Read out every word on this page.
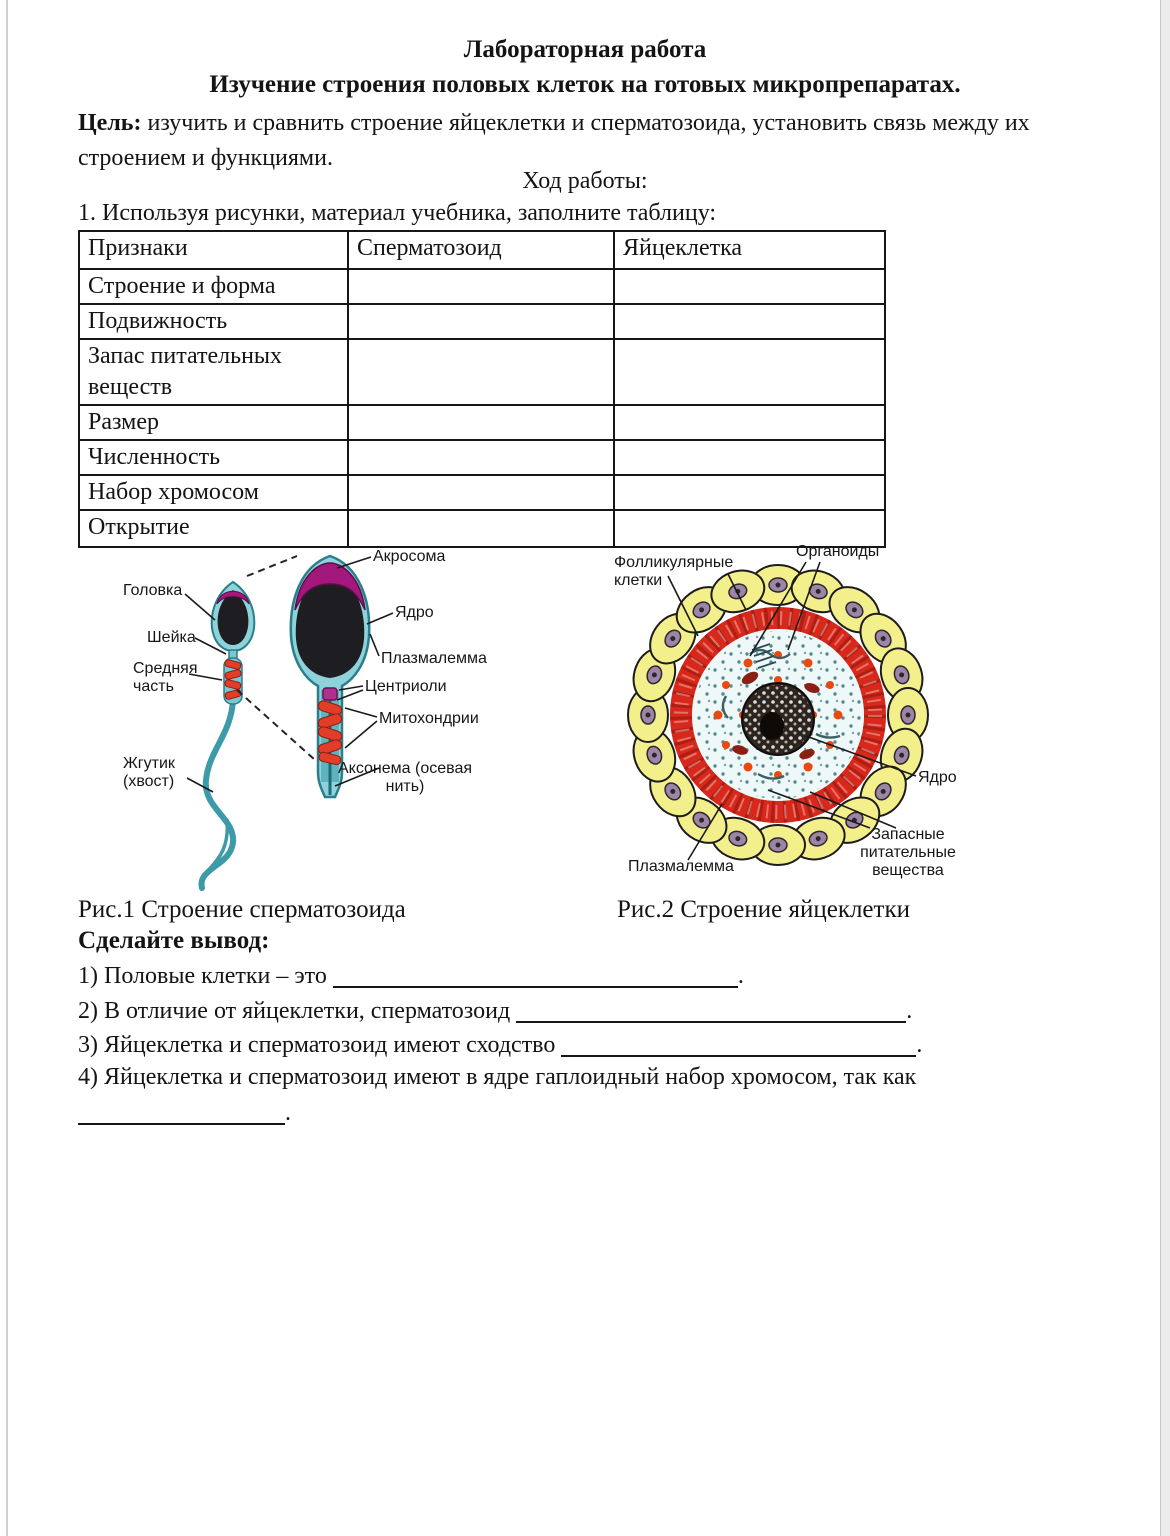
Лабораторная работа
Изучение строения половых клеток на готовых микропрепаратах.
Цель: изучить и сравнить строение яйцеклетки и сперматозоида, установить связь между их строением и функциями.
Ход работы:
1. Используя рисунки, материал учебника, заполните таблицу:
Признаки	Сперматозоид	Яйцеклетка
Строение и форма		
Подвижность		
Запас питательных веществ		
Размер		
Численность		
Набор хромосом		
Открытие		
Головка
Шейка
Средняя часть
Жгутик (хвост)
Акросома
Ядро
Плазмалемма
Центриоли
Митохондрии
Аксонема (осевая нить)
Фолликулярные клетки
Органоиды
Ядро
Запасные питательные вещества
Плазмалемма
Рис.1 Строение сперматозоида	Рис.2 Строение яйцеклетки
Сделайте вывод:
1) Половые клетки – это	.
2) В отличие от яйцеклетки, сперматозоид	.
3) Яйцеклетка и сперматозоид имеют сходство	.
4) Яйцеклетка и сперматозоид имеют в ядре гаплоидный набор хромосом, так как
.
